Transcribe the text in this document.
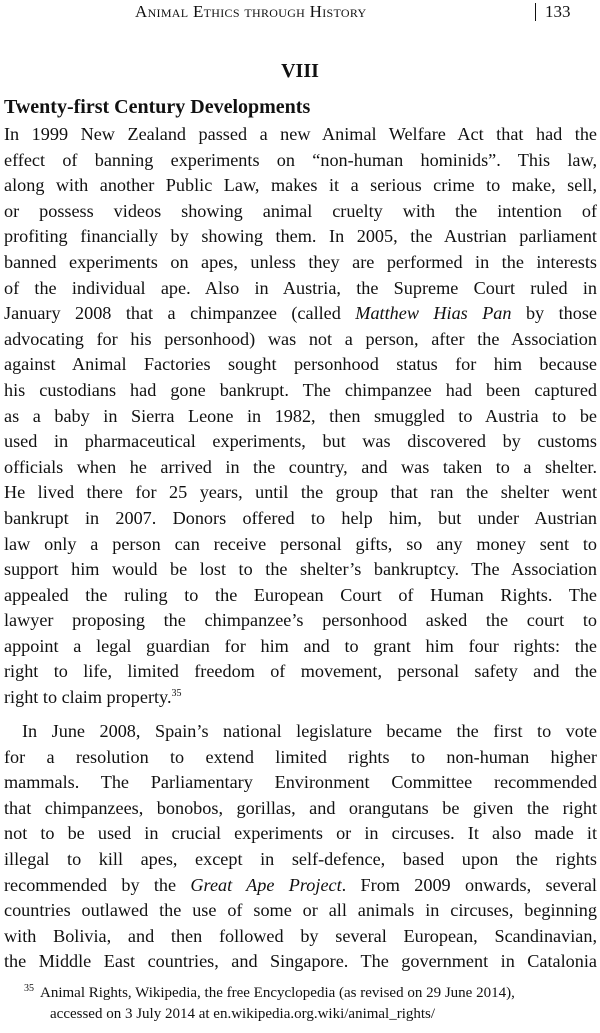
Animal Ethics through History	133
VIII
Twenty-first Century Developments
In 1999 New Zealand passed a new Animal Welfare Act that had the
effect of banning experiments on “non-human hominids”. This law,
along with another Public Law, makes it a serious crime to make, sell,
or possess videos showing animal cruelty with the intention of
profiting financially by showing them. In 2005, the Austrian parliament
banned experiments on apes, unless they are performed in the interests
of the individual ape. Also in Austria, the Supreme Court ruled in
January 2008 that a chimpanzee (called Matthew Hias Pan by those
advocating for his personhood) was not a person, after the Association
against Animal Factories sought personhood status for him because
his custodians had gone bankrupt. The chimpanzee had been captured
as a baby in Sierra Leone in 1982, then smuggled to Austria to be
used in pharmaceutical experiments, but was discovered by customs
officials when he arrived in the country, and was taken to a shelter.
He lived there for 25 years, until the group that ran the shelter went
bankrupt in 2007. Donors offered to help him, but under Austrian
law only a person can receive personal gifts, so any money sent to
support him would be lost to the shelter’s bankruptcy. The Association
appealed the ruling to the European Court of Human Rights. The
lawyer proposing the chimpanzee’s personhood asked the court to
appoint a legal guardian for him and to grant him four rights: the
right to life, limited freedom of movement, personal safety and the
right to claim property.$^{35}$
In June 2008, Spain’s national legislature became the first to vote
for a resolution to extend limited rights to non-human higher
mammals. The Parliamentary Environment Committee recommended
that chimpanzees, bonobos, gorillas, and orangutans be given the right
not to be used in crucial experiments or in circuses. It also made it
illegal to kill apes, except in self-defence, based upon the rights
recommended by the Great Ape Project. From 2009 onwards, several
countries outlawed the use of some or all animals in circuses, beginning
with Bolivia, and then followed by several European, Scandinavian,
the Middle East countries, and Singapore. The government in Catalonia
$^{35}$ Animal Rights, Wikipedia, the free Encyclopedia (as revised on 29 June 2014),
accessed on 3 July 2014 at en.wikipedia.org.wiki/animal_rights/
